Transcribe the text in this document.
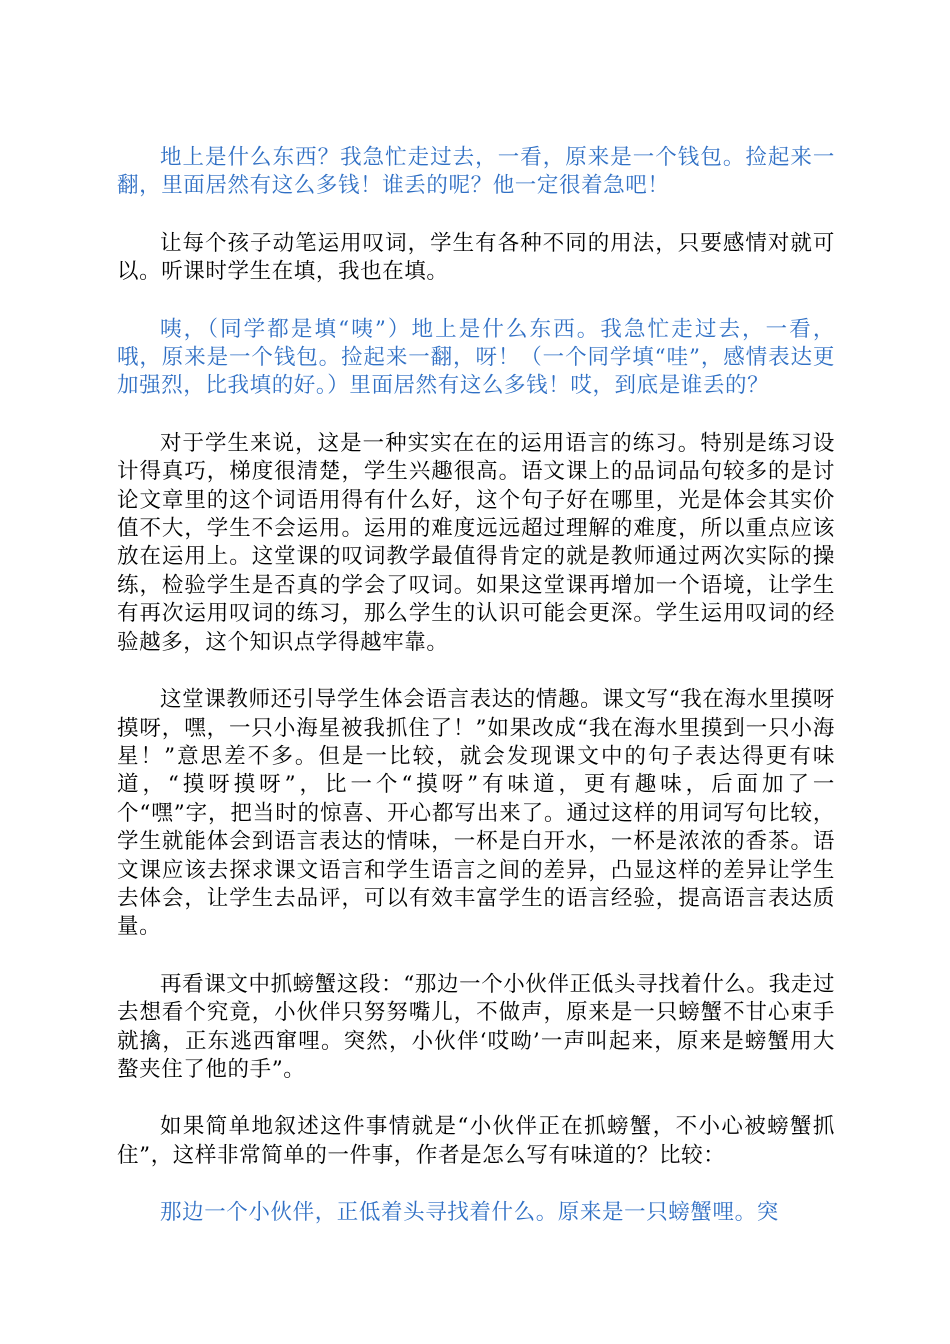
地上是什么东西？我急忙走过去，一看，原来是一个钱包。捡起来一翻，里面居然有这么多钱！谁丢的呢？他一定很着急吧！

让每个孩子动笔运用叹词，学生有各种不同的用法，只要感情对就可以。听课时学生在填，我也在填。

咦，（同学都是填“咦”）地上是什么东西。我急忙走过去，一看，哦，原来是一个钱包。捡起来一翻，呀！（一个同学填“哇”，感情表达更加强烈，比我填的好。）里面居然有这么多钱！哎，到底是谁丢的？

对于学生来说，这是一种实实在在的运用语言的练习。特别是练习设计得真巧，梯度很清楚，学生兴趣很高。语文课上的品词品句较多的是讨论文章里的这个词语用得有什么好，这个句子好在哪里，光是体会其实价值不大，学生不会运用。运用的难度远远超过理解的难度，所以重点应该放在运用上。这堂课的叹词教学最值得肯定的就是教师通过两次实际的操练，检验学生是否真的学会了叹词。如果这堂课再增加一个语境，让学生有再次运用叹词的练习，那么学生的认识可能会更深。学生运用叹词的经验越多，这个知识点学得越牢靠。

这堂课教师还引导学生体会语言表达的情趣。课文写“我在海水里摸呀摸呀，嘿，一只小海星被我抓住了！”如果改成“我在海水里摸到一只小海星！”意思差不多。但是一比较，就会发现课文中的句子表达得更有味道，“摸呀摸呀”，比一个“摸呀”有味道，更有趣味，后面加了一个“嘿”字，把当时的惊喜、开心都写出来了。通过这样的用词写句比较，学生就能体会到语言表达的情味，一杯是白开水，一杯是浓浓的香茶。语文课应该去探求课文语言和学生语言之间的差异，凸显这样的差异让学生去体会，让学生去品评，可以有效丰富学生的语言经验，提高语言表达质量。

再看课文中抓螃蟹这段：“那边一个小伙伴正低头寻找着什么。我走过去想看个究竟，小伙伴只努努嘴儿，不做声，原来是一只螃蟹不甘心束手就擒，正东逃西窜哩。突然，小伙伴‘哎呦’一声叫起来，原来是螃蟹用大螯夹住了他的手”。

如果简单地叙述这件事情就是“小伙伴正在抓螃蟹，不小心被螃蟹抓住”，这样非常简单的一件事，作者是怎么写有味道的？比较：

那边一个小伙伴，正低着头寻找着什么。原来是一只螃蟹哩。突
